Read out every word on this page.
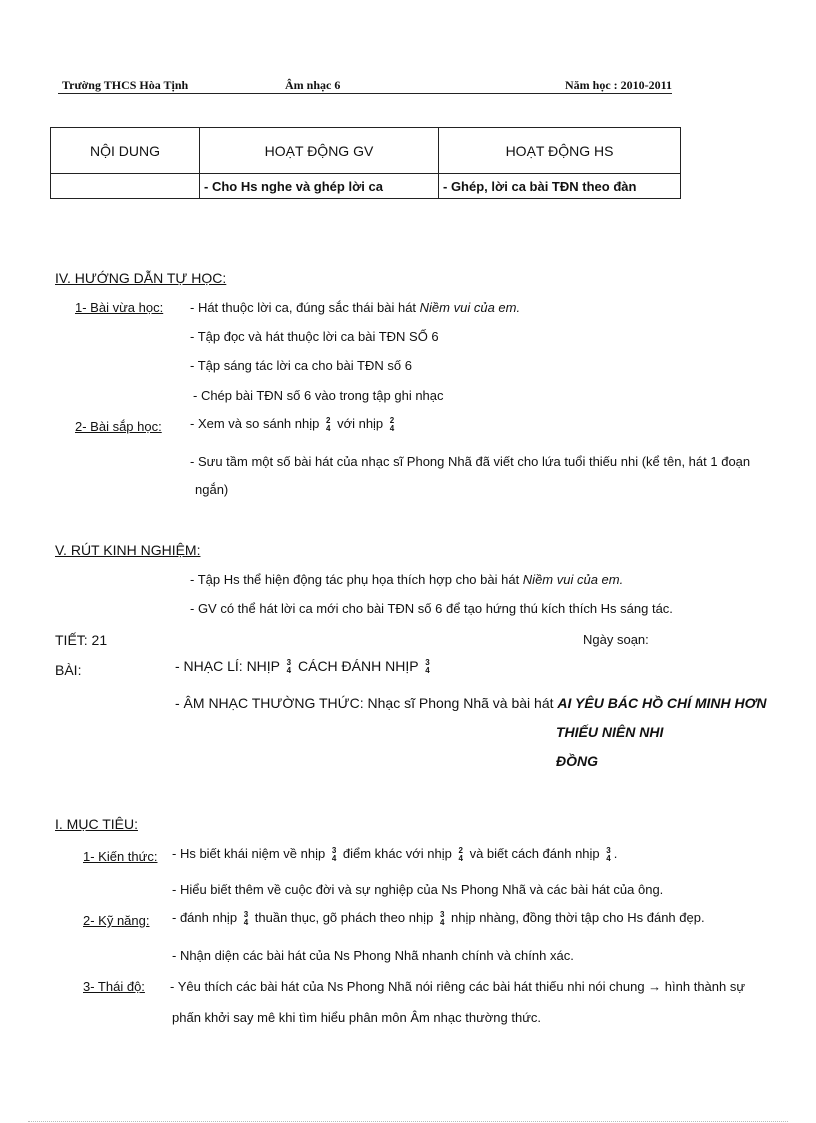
Trường THCS Hòa Tịnh	Âm nhạc 6	Năm học : 2010-2011
NỘI DUNG	HOẠT ĐỘNG GV	HOẠT ĐỘNG HS
	- Cho Hs nghe và ghép lời ca	- Ghép, lời ca bài TĐN theo đàn
IV. HƯỚNG DẪN TỰ HỌC:
1- Bài vừa học: - Hát thuộc lời ca, đúng sắc thái bài hát Niềm vui của em.
- Tập đọc và hát thuộc lời ca bài TĐN SỐ 6
- Tập sáng tác lời ca cho bài TĐN số 6
- Chép bài TĐN số 6 vào trong tập ghi nhạc
2- Bài sắp học: - Xem và so sánh nhịp 2
4 với nhịp 2
4
- Sưu tầm một số bài hát của nhạc sĩ Phong Nhã đã viết cho lứa tuổi thiếu nhi (kể tên, hát 1 đoạn
ngắn)
V. RÚT KINH NGHIỆM:
- Tập Hs thể hiện động tác phụ họa thích hợp cho bài hát Niềm vui của em.
- GV có thể hát lời ca mới cho bài TĐN số 6 để tạo hứng thú kích thích Hs sáng tác.
TIẾT: 21	Ngày soạn:
BÀI:	- NHẠC LÍ: NHỊP 3
4 CÁCH ĐÁNH NHỊP 3
4
- ÂM NHẠC THƯỜNG THỨC: Nhạc sĩ Phong Nhã và bài hát AI YÊU BÁC HỒ CHÍ MINH HƠN
THIẾU NIÊN NHI
ĐỒNG
I. MỤC TIÊU:
1- Kiến thức: - Hs biết khái niệm về nhịp 3
4 điểm khác với nhịp 2
4 và biết cách đánh nhịp 3
4 .
- Hiểu biết thêm về cuộc đời và sự nghiệp của Ns Phong Nhã và các bài hát của ông.
2- Kỹ năng: - đánh nhịp 3
4 thuần thục, gõ phách theo nhịp 3
4 nhịp nhàng, đồng thời tập cho Hs đánh đẹp.
- Nhận diện các bài hát của Ns Phong Nhã nhanh chính và chính xác.
3- Thái độ: - Yêu thích các bài hát của Ns Phong Nhã nói riêng các bài hát thiếu nhi nói chung → hình thành sự
phấn khởi say mê khi tìm hiểu phân môn Âm nhạc thường thức.
